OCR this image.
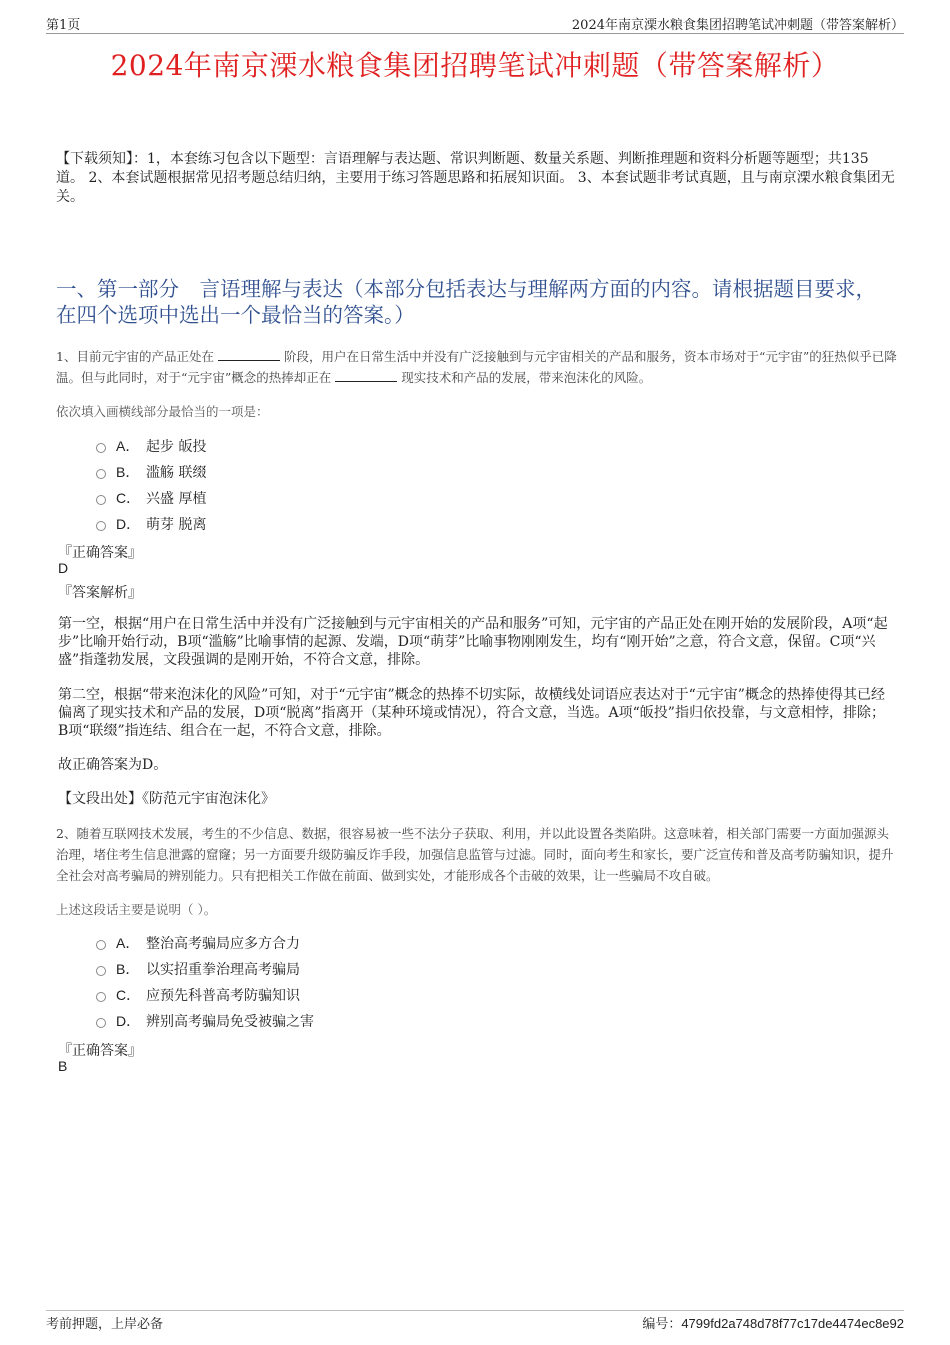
第1页	2024年南京溧水粮食集团招聘笔试冲刺题（带答案解析）
2024年南京溧水粮食集团招聘笔试冲刺题（带答案解析）
【下载须知】：1，本套练习包含以下题型：言语理解与表达题、常识判断题、数量关系题、判断推理题和资料分析题等题型；共135道。 2、本套试题根据常见招考题总结归纳，主要用于练习答题思路和拓展知识面。 3、本套试题非考试真题，且与南京溧水粮食集团无关。
一、第一部分　言语理解与表达（本部分包括表达与理解两方面的内容。请根据题目要求，在四个选项中选出一个最恰当的答案。）
1、目前元宇宙的产品正处在	阶段，用户在日常生活中并没有广泛接触到与元宇宙相关的产品和服务，资本市场对于“元宇宙”的狂热似乎已降温。但与此同时，对于“元宇宙”概念的热捧却正在	现实技术和产品的发展，带来泡沫化的风险。
依次填入画横线部分最恰当的一项是：
A． 起步 皈投
B． 滥觞 联缀
C． 兴盛 厚植
D． 萌芽 脱离
『正确答案』
D
『答案解析』
第一空，根据“用户在日常生活中并没有广泛接触到与元宇宙相关的产品和服务”可知，元宇宙的产品正处在刚开始的发展阶段，A项“起步”比喻开始行动，B项“滥觞”比喻事情的起源、发端，D项“萌芽”比喻事物刚刚发生，均有“刚开始”之意，符合文意，保留。C项“兴盛”指蓬勃发展，文段强调的是刚开始，不符合文意，排除。
第二空，根据“带来泡沫化的风险”可知，对于“元宇宙”概念的热捧不切实际，故横线处词语应表达对于“元宇宙”概念的热捧使得其已经偏离了现实技术和产品的发展，D项“脱离”指离开（某种环境或情况），符合文意，当选。A项“皈投”指归依投靠，与文意相悖，排除；B项“联缀”指连结、组合在一起，不符合文意，排除。
故正确答案为D。
【文段出处】《防范元宇宙泡沫化》
2、随着互联网技术发展，考生的不少信息、数据，很容易被一些不法分子获取、利用，并以此设置各类陷阱。这意味着，相关部门需要一方面加强源头治理，堵住考生信息泄露的窟窿；另一方面要升级防骗反诈手段，加强信息监管与过滤。同时，面向考生和家长，要广泛宣传和普及高考防骗知识，提升全社会对高考骗局的辨别能力。只有把相关工作做在前面、做到实处，才能形成各个击破的效果，让一些骗局不攻自破。
上述这段话主要是说明（ ）。
A． 整治高考骗局应多方合力
B． 以实招重拳治理高考骗局
C． 应预先科普高考防骗知识
D． 辨别高考骗局免受被骗之害
『正确答案』
B
考前押题，上岸必备	编号：4799fd2a748d78f77c17de4474ec8e92
